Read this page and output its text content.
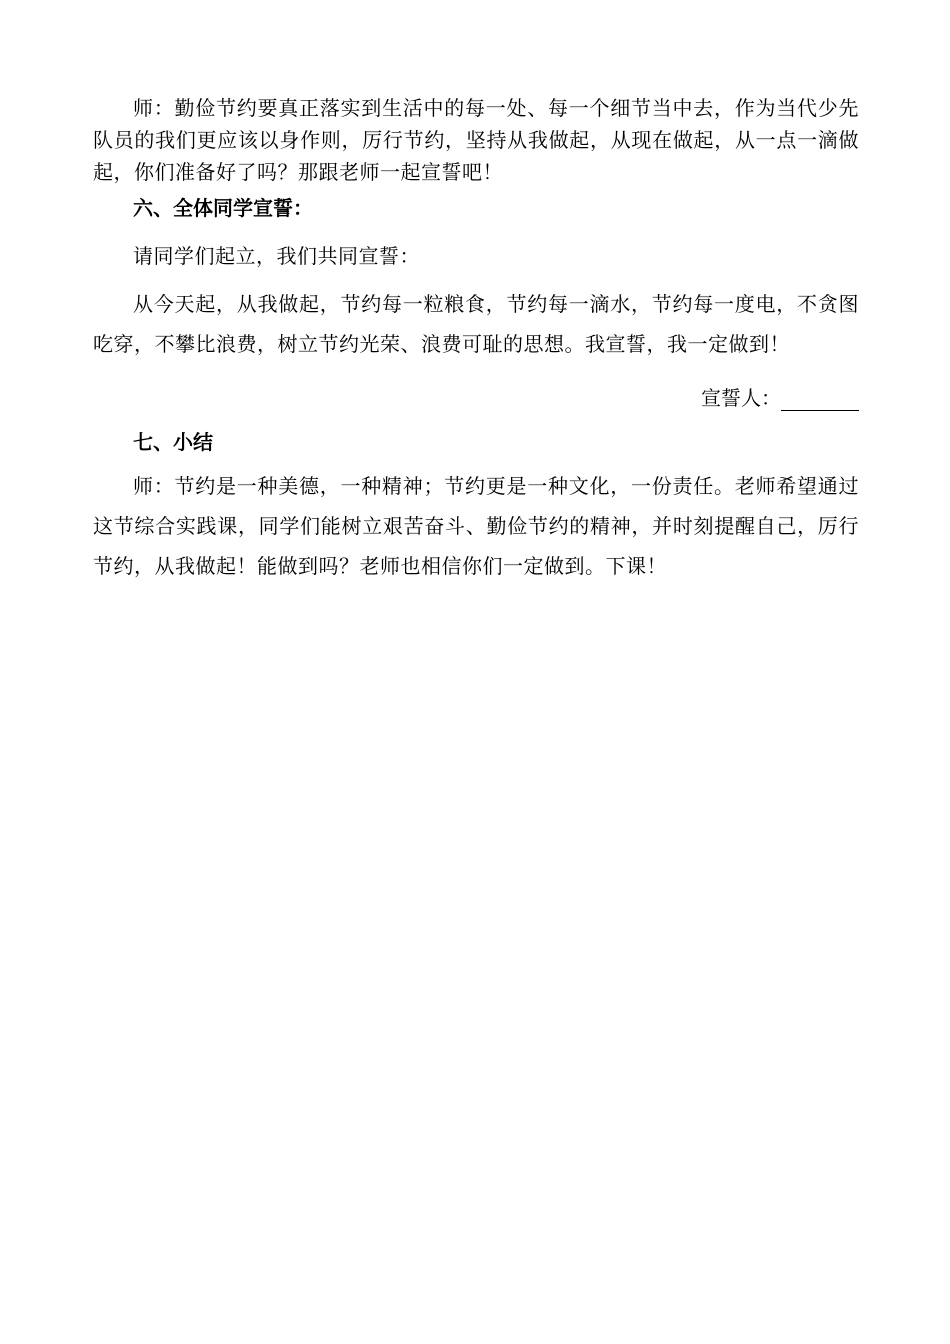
师：勤俭节约要真正落实到生活中的每一处、每一个细节当中去，作为当代少先队员的我们更应该以身作则，厉行节约，坚持从我做起，从现在做起，从一点一滴做起，你们准备好了吗？那跟老师一起宣誓吧！

六、全体同学宣誓：

请同学们起立，我们共同宣誓：

从今天起，从我做起，节约每一粒粮食，节约每一滴水，节约每一度电，不贪图吃穿，不攀比浪费，树立节约光荣、浪费可耻的思想。我宣誓，我一定做到！

宣誓人：

七、小结

师：节约是一种美德，一种精神；节约更是一种文化，一份责任。老师希望通过这节综合实践课，同学们能树立艰苦奋斗、勤俭节约的精神，并时刻提醒自己，厉行节约，从我做起！能做到吗？老师也相信你们一定做到。下课！
